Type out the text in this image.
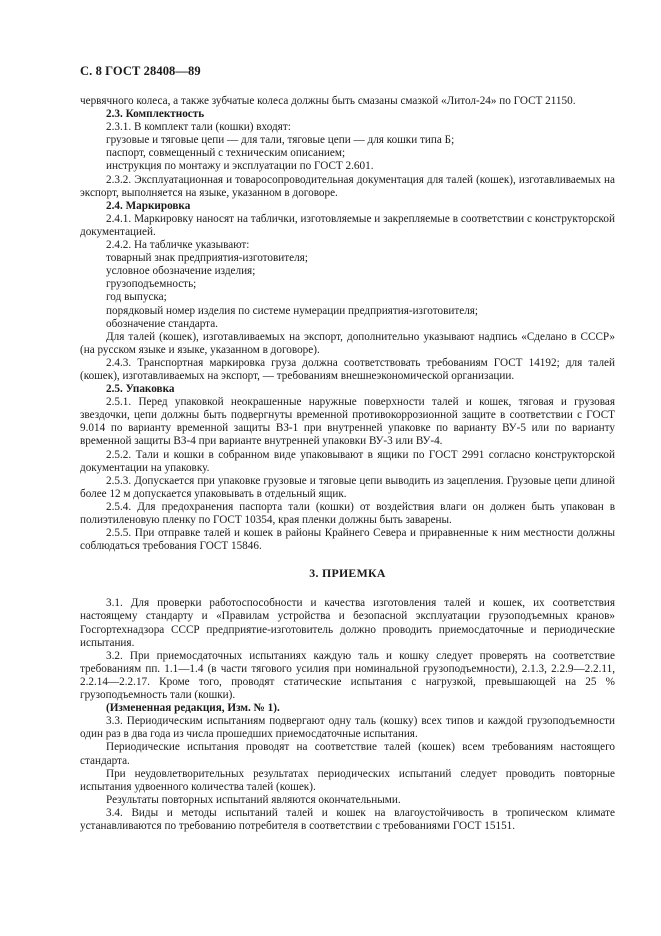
С. 8 ГОСТ 28408—89

червячного колеса, а также зубчатые колеса должны быть смазаны смазкой «Литол-24» по ГОСТ 21150.

2.3. Комплектность

2.3.1. В комплект тали (кошки) входят:

грузовые и тяговые цепи — для тали, тяговые цепи — для кошки типа Б;

паспорт, совмещенный с техническим описанием;

инструкция по монтажу и эксплуатации по ГОСТ 2.601.

2.3.2. Эксплуатационная и товаросопроводительная документация для талей (кошек), изготавливаемых на экспорт, выполняется на языке, указанном в договоре.

2.4. Маркировка

2.4.1. Маркировку наносят на таблички, изготовляемые и закрепляемые в соответствии с конструкторской документацией.

2.4.2. На табличке указывают:

товарный знак предприятия-изготовителя;

условное обозначение изделия;

грузоподъемность;

год выпуска;

порядковый номер изделия по системе нумерации предприятия-изготовителя;

обозначение стандарта.

Для талей (кошек), изготавливаемых на экспорт, дополнительно указывают надпись «Сделано в СССР» (на русском языке и языке, указанном в договоре).

2.4.3. Транспортная маркировка груза должна соответствовать требованиям ГОСТ 14192; для талей (кошек), изготавливаемых на экспорт, — требованиям внешнеэкономической организации.

2.5. Упаковка

2.5.1. Перед упаковкой неокрашенные наружные поверхности талей и кошек, тяговая и грузовая звездочки, цепи должны быть подвергнуты временной противокоррозионной защите в соответствии с ГОСТ 9.014 по варианту временной защиты ВЗ-1 при внутренней упаковке по варианту ВУ-5 или по варианту временной защиты ВЗ-4 при варианте внутренней упаковки ВУ-3 или ВУ-4.

2.5.2. Тали и кошки в собранном виде упаковывают в ящики по ГОСТ 2991 согласно конструкторской документации на упаковку.

2.5.3. Допускается при упаковке грузовые и тяговые цепи выводить из зацепления. Грузовые цепи длиной более 12 м допускается упаковывать в отдельный ящик.

2.5.4. Для предохранения паспорта тали (кошки) от воздействия влаги он должен быть упакован в полиэтиленовую пленку по ГОСТ 10354, края пленки должны быть заварены.

2.5.5. При отправке талей и кошек в районы Крайнего Севера и приравненные к ним местности должны соблюдаться требования ГОСТ 15846.

3. ПРИЕМКА

3.1. Для проверки работоспособности и качества изготовления талей и кошек, их соответствия настоящему стандарту и «Правилам устройства и безопасной эксплуатации грузоподъемных кранов» Госгортехнадзора СССР предприятие-изготовитель должно проводить приемосдаточные и периодические испытания.

3.2. При приемосдаточных испытаниях каждую таль и кошку следует проверять на соответствие требованиям пп. 1.1—1.4 (в части тягового усилия при номинальной грузоподъемности), 2.1.3, 2.2.9—2.2.11, 2.2.14—2.2.17. Кроме того, проводят статические испытания с нагрузкой, превышающей на 25 % грузоподъемность тали (кошки).

(Измененная редакция, Изм. № 1).

3.3. Периодическим испытаниям подвергают одну таль (кошку) всех типов и каждой грузоподъемности один раз в два года из числа прошедших приемосдаточные испытания.

Периодические испытания проводят на соответствие талей (кошек) всем требованиям настоящего стандарта.

При неудовлетворительных результатах периодических испытаний следует проводить повторные испытания удвоенного количества талей (кошек).

Результаты повторных испытаний являются окончательными.

3.4. Виды и методы испытаний талей и кошек на влагоустойчивость в тропическом климате устанавливаются по требованию потребителя в соответствии с требованиями ГОСТ 15151.
